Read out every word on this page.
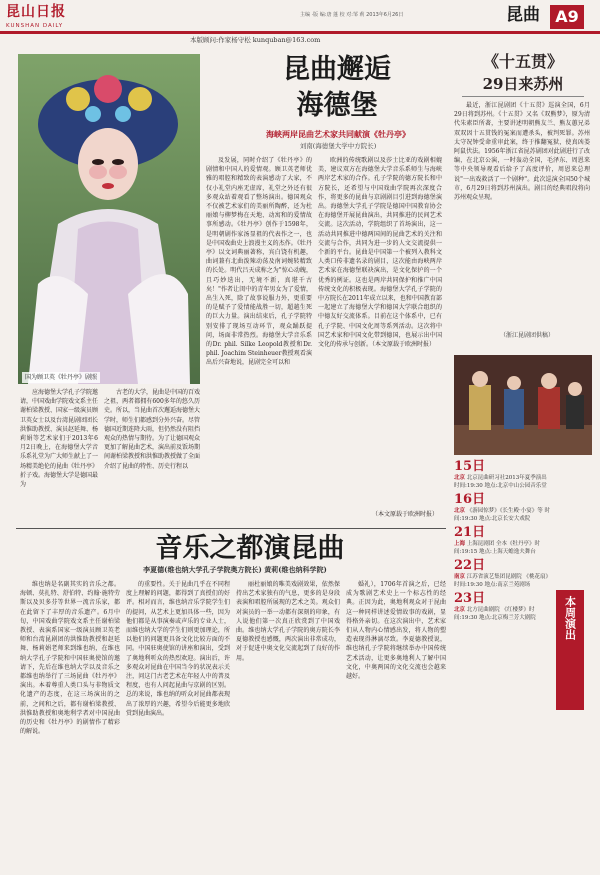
昆山日报
KUNSHAN DAILY
主编 ·版 编:唐 蓬 校 对:邹 莉 2013年6月26日	昆曲 A9
本版顾问:作家杨守松 kunquban@163.com
国为顾卫英《牡丹亭》剧照
昆曲邂逅
海德堡
海峡两岸昆曲艺术家共同献演《牡丹亭》
刘南(海德堡大学中方院长)
应海德堡大学孔子学院邀请，中国戏曲学院戏文系主任谢柏梁教授、国家一级演员顾卫英女士以及台湾昆剧团团长洪惟助教授、演员赵延舞、杨莉娟等艺术家们于2013年6月2日晚上，在海德堡大学音乐系礼堂为广大师生献上了一场精美绝伦的昆曲《牡丹亭》折子戏。海德堡大学是德国最为
古老的大学，昆曲是中国的百戏之祖，两者都拥有600多年的悠久历史。所以，当昆曲首次邂逅海德堡大学时，师生们都感到分外兴奋。尽管德国近期连降大雨，但仍然没有阻挡观众的热情与期待。为了让德国观众更加了解昆曲艺术，演出前及饭场期间谢柏梁教授和洪惟助教授做了全面介绍了昆曲的特性、历史行程以
及发展，同时介绍了《牡丹亭》的剧情和中国人的爱情观。顾卫英老师优雅的唱腔和精致的表演感动了大家，不仅小礼堂内座无虚席，礼堂之外还有很多观众站着观看了整场演出。德国观众不仅被艺术家们的美丽所陶醉，还为杜丽娘与柳梦梅在天地、动寓和的爱情故事所感动。《牡丹亭》创作于1598年，是明朝剧作家汤显祖的代表作之一，也是中国戏曲史上浪漫主义的杰作。《牡丹亭》以文词典丽著称，宾白饶有机趣，曲词兼有北曲泼辣动荡及南词婉转精致的长处。明代吕天成称之为"惊心动魄，且巧妙迭出，无境不新，真堪千古矣！"作者让闺中的青年男女为了爱情，出生入死，除了故事说服力外，更重要的是赋予了爱情能战胜一切，超越生死的巨大力量。演出结束后，孔子学院特别安排了现场互动环节，观众踊跃提问，场面非常热烈。海德堡大学音乐系的Dr. phil. Silke Leopold教授和Dr. phil. Joachim Steinheuer教授观看演出后兴奋地说，昆剧完全可以和
欧洲的传统歌剧以及莎士比亚的戏剧相媲美，建议双方在海德堡大学音乐系师生与海峡两岸艺术家的合作。孔子学院的德方院长和中方院长，还希望与中国戏曲学院再次深度合作，将更多的昆曲与京剧剧目引进到海德堡演出。海德堡大学孔子学院是德国中国教育协会在海德堡开展昆曲演出，共同推进的民间艺术交流。这次活动，学院组织了首场演出，这一活动共同推进中德两国间的昆曲艺术的关注和交流与合作，共同为进一步的人文交流提供一个新的平台。昆曲是中国第一个被列入教科文人类口传非遗名录的剧目，这次能由海峡两岸艺术家在海德堡联袂演出，是文化保护的一个优秀的例证。这也是两岸共同保护和推广中国传统文化的积极表现。海德堡大学孔子学院的中方院长在2011年成立以来，也和中国教育部一起建立了海德堡大学和德国大学联合组织的中德友好交流体系。目前在这个体系中，已有孔子学院、中国文化周等系列活动。这次将中国艺术家和中国文化带到德国，也展示出中国文化的传承与创新。（本文原载于欧洲时报）
（本文原载于欧洲时报）
《十五贯》
29日来苏州
最近，浙江昆剧团《十五贯》巡演全国，6月29日将到苏州。《十五贯》又名《双熊梦》，原为清代朱素臣所著，主要讲述明朝熊友兰、熊友蕙兄弟双双因十五贯钱的冤案而遭杀头，被判死罪。苏州太守况钟受命重审此案，终于推翻冤狱，使真凶娄阿鼠伏法。1956年浙江省昆苏剧团对此剧进行了改编，在北京公演，一时轰动全国，毛泽东、周恩来等中央领导观看后给予了高度评价，周恩来总理说"一出戏救活了一个剧种"。此次巡演全国50个城市，6月29日将到苏州演出。剧目的经典唱段将向苏州观众呈现。
（浙江昆剧团供稿）
15日
北京 北京昆曲研习社2013年夏季演出 时间:19:30 地点:北京中山公园音乐堂
16日
北京 《游园惊梦》《长生殿·小宴》等 时间:19:30 地点:北京长安大戏院
21日
上海 上海昆剧团 全本《牡丹亭》时间:19:15 地点:上海天蟾逸夫舞台
22日
南京 江苏省演艺集团昆剧院 《桃花扇》时间:19:30 地点:南京兰苑剧场
23日
北京 北方昆曲剧院 《红楼梦》时间:19:30 地点:北京梅兰芳大剧院	本周演出
音乐之都演昆曲
李夏德(维也纳大学孔子学院奥方院长) 黄莉(维也纳科学院)
维也纳是名副其实的音乐之都。海顿、莫扎特、舒伯特、约翰·施特劳斯以及贝多芬等世界一流音乐家，都在此留下了丰厚的音乐遗产。6月中旬，中国戏曲学院戏文系主任谢柏梁教授、表演系国家一级演员顾卫英老师和台湾昆剧团的洪惟助教授和赵延舞、杨莉娟老师来到维也纳，在维也纳大学孔子学院和中国驻奥使馆的邀请下，先后在维也纳大学以及音乐之都维也纳举行了三场昆曲《牡丹亭》演出。本着尊重人类口头与非物质文化遗产的态度，在这三场演出的之前，之间和之后，都有谢柏梁教授、洪惟助教授和奥地利学者对中国昆曲的历史和《牡丹亭》的剧情作了精彩的解说。
的重要性。关于昆曲几乎在不同程度上理解的问题，都得到了真授们的好评。相对而言，维也纳音乐学院学生们的提问，从艺术上更加具体一些，因为他们都是从事演奏或声乐的专业人士，而维也纳大学的学生们则更加理论，所以他们的问题更具备文化比较方面的不同。中国驻奥使馆的讲座和演出，受到了奥地利听众的热烈欢迎。演出后，许多观众对昆曲在中国当今的状况表示关注，问这门古老艺术在年轻人中的普及程度，也有人问起昆曲与京剧的区别。总的来说，维也纳的听众对昆曲都表现出了浓厚的兴趣，希望今后能更多地欣赏到昆曲演出。
丽杜丽娘的唯美戏剧效果，依然保持出艺术家独有的气息，更多的是身段表演和唱腔所展现的艺术之美。观众们对演员的一举一动都有深刻的印象，有人说他们第一次真正欣赏到了中国戏曲。维也纳大学孔子学院的奥方院长李夏德教授也感慨，两次演出非常成功，对于促进中奥文化交流起到了良好的作用。
婚礼），1706年首演之后，已经成为歌剧艺术史上一个标志性的经典。正因为此，奥地利观众对于昆曲这一种同样讲述爱情故事的戏剧，显得格外亲切。在这次演出中，艺术家们从人物内心情感出发，将人物的塑造表现得淋漓尽致。李夏德教授说，维也纳孔子学院将继续举办中国传统艺术活动，让更多奥地利人了解中国文化，中奥两国的文化交流也会越来越好。
